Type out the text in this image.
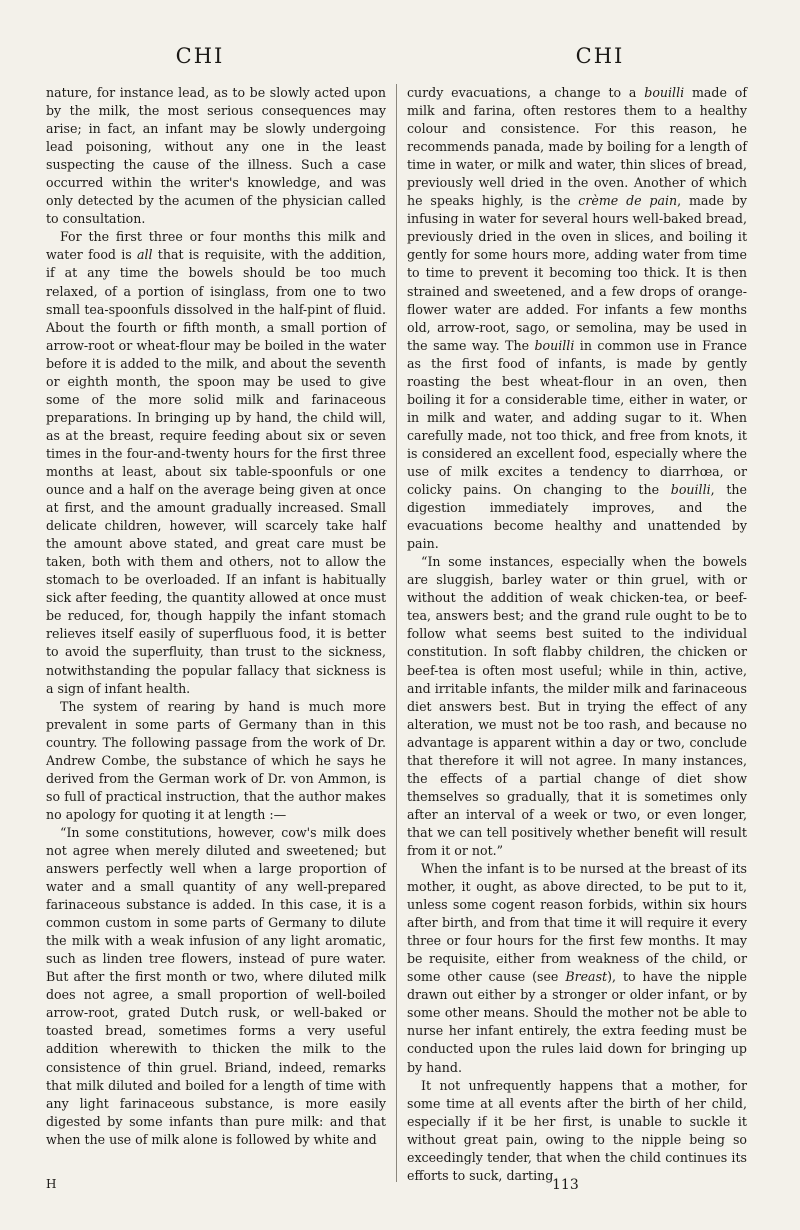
CHI	CHI

nature, for instance lead, as to be slowly acted upon by the milk, the most serious consequences may arise; in fact, an infant may be slowly undergoing lead poisoning, without any one in the least suspecting the cause of the illness. Such a case occurred within the writer's knowledge, and was only detected by the acumen of the physician called to consultation.

For the first three or four months this milk and water food is all that is requisite, with the addition, if at any time the bowels should be too much relaxed, of a portion of isinglass, from one to two small tea-spoonfuls dissolved in the half-pint of fluid. About the fourth or fifth month, a small portion of arrow-root or wheat-flour may be boiled in the water before it is added to the milk, and about the seventh or eighth month, the spoon may be used to give some of the more solid milk and farinaceous preparations. In bringing up by hand, the child will, as at the breast, require feeding about six or seven times in the four-and-twenty hours for the first three months at least, about six table-spoonfuls or one ounce and a half on the average being given at once at first, and the amount gradually increased. Small delicate children, however, will scarcely take half the amount above stated, and great care must be taken, both with them and others, not to allow the stomach to be overloaded. If an infant is habitually sick after feeding, the quantity allowed at once must be reduced, for, though happily the infant stomach relieves itself easily of superfluous food, it is better to avoid the superfluity, than trust to the sickness, notwithstanding the popular fallacy that sickness is a sign of infant health.

The system of rearing by hand is much more prevalent in some parts of Germany than in this country. The following passage from the work of Dr. Andrew Combe, the substance of which he says he derived from the German work of Dr. von Ammon, is so full of practical instruction, that the author makes no apology for quoting it at length :—

“In some constitutions, however, cow's milk does not agree when merely diluted and sweetened; but answers perfectly well when a large proportion of water and a small quantity of any well-prepared farinaceous substance is added. In this case, it is a common custom in some parts of Germany to dilute the milk with a weak infusion of any light aromatic, such as linden tree flowers, instead of pure water. But after the first month or two, where diluted milk does not agree, a small proportion of well-boiled arrow-root, grated Dutch rusk, or well-baked or toasted bread, sometimes forms a very useful addition wherewith to thicken the milk to the consistence of thin gruel. Briand, indeed, remarks that milk diluted and boiled for a length of time with any light farinaceous substance, is more easily digested by some infants than pure milk: and that when the use of milk alone is followed by white and

curdy evacuations, a change to a bouilli made of milk and farina, often restores them to a healthy colour and consistence. For this reason, he recommends panada, made by boiling for a length of time in water, or milk and water, thin slices of bread, previously well dried in the oven. Another of which he speaks highly, is the crème de pain, made by infusing in water for several hours well-baked bread, previously dried in the oven in slices, and boiling it gently for some hours more, adding water from time to time to prevent it becoming too thick. It is then strained and sweetened, and a few drops of orange-flower water are added. For infants a few months old, arrow-root, sago, or semolina, may be used in the same way. The bouilli in common use in France as the first food of infants, is made by gently roasting the best wheat-flour in an oven, then boiling it for a considerable time, either in water, or in milk and water, and adding sugar to it. When carefully made, not too thick, and free from knots, it is considered an excellent food, especially where the use of milk excites a tendency to diarrhœa, or colicky pains. On changing to the bouilli, the digestion immediately improves, and the evacuations become healthy and unattended by pain.

“In some instances, especially when the bowels are sluggish, barley water or thin gruel, with or without the addition of weak chicken-tea, or beef-tea, answers best; and the grand rule ought to be to follow what seems best suited to the individual constitution. In soft flabby children, the chicken or beef-tea is often most useful; while in thin, active, and irritable infants, the milder milk and farinaceous diet answers best. But in trying the effect of any alteration, we must not be too rash, and because no advantage is apparent within a day or two, conclude that therefore it will not agree. In many instances, the effects of a partial change of diet show themselves so gradually, that it is sometimes only after an interval of a week or two, or even longer, that we can tell positively whether benefit will result from it or not.”

When the infant is to be nursed at the breast of its mother, it ought, as above directed, to be put to it, unless some cogent reason forbids, within six hours after birth, and from that time it will require it every three or four hours for the first few months. It may be requisite, either from weakness of the child, or some other cause (see Breast), to have the nipple drawn out either by a stronger or older infant, or by some other means. Should the mother not be able to nurse her infant entirely, the extra feeding must be conducted upon the rules laid down for bringing up by hand.

It not unfrequently happens that a mother, for some time at all events after the birth of her child, especially if it be her first, is unable to suckle it without great pain, owing to the nipple being so exceedingly tender, that when the child continues its efforts to suck, darting

H	113
